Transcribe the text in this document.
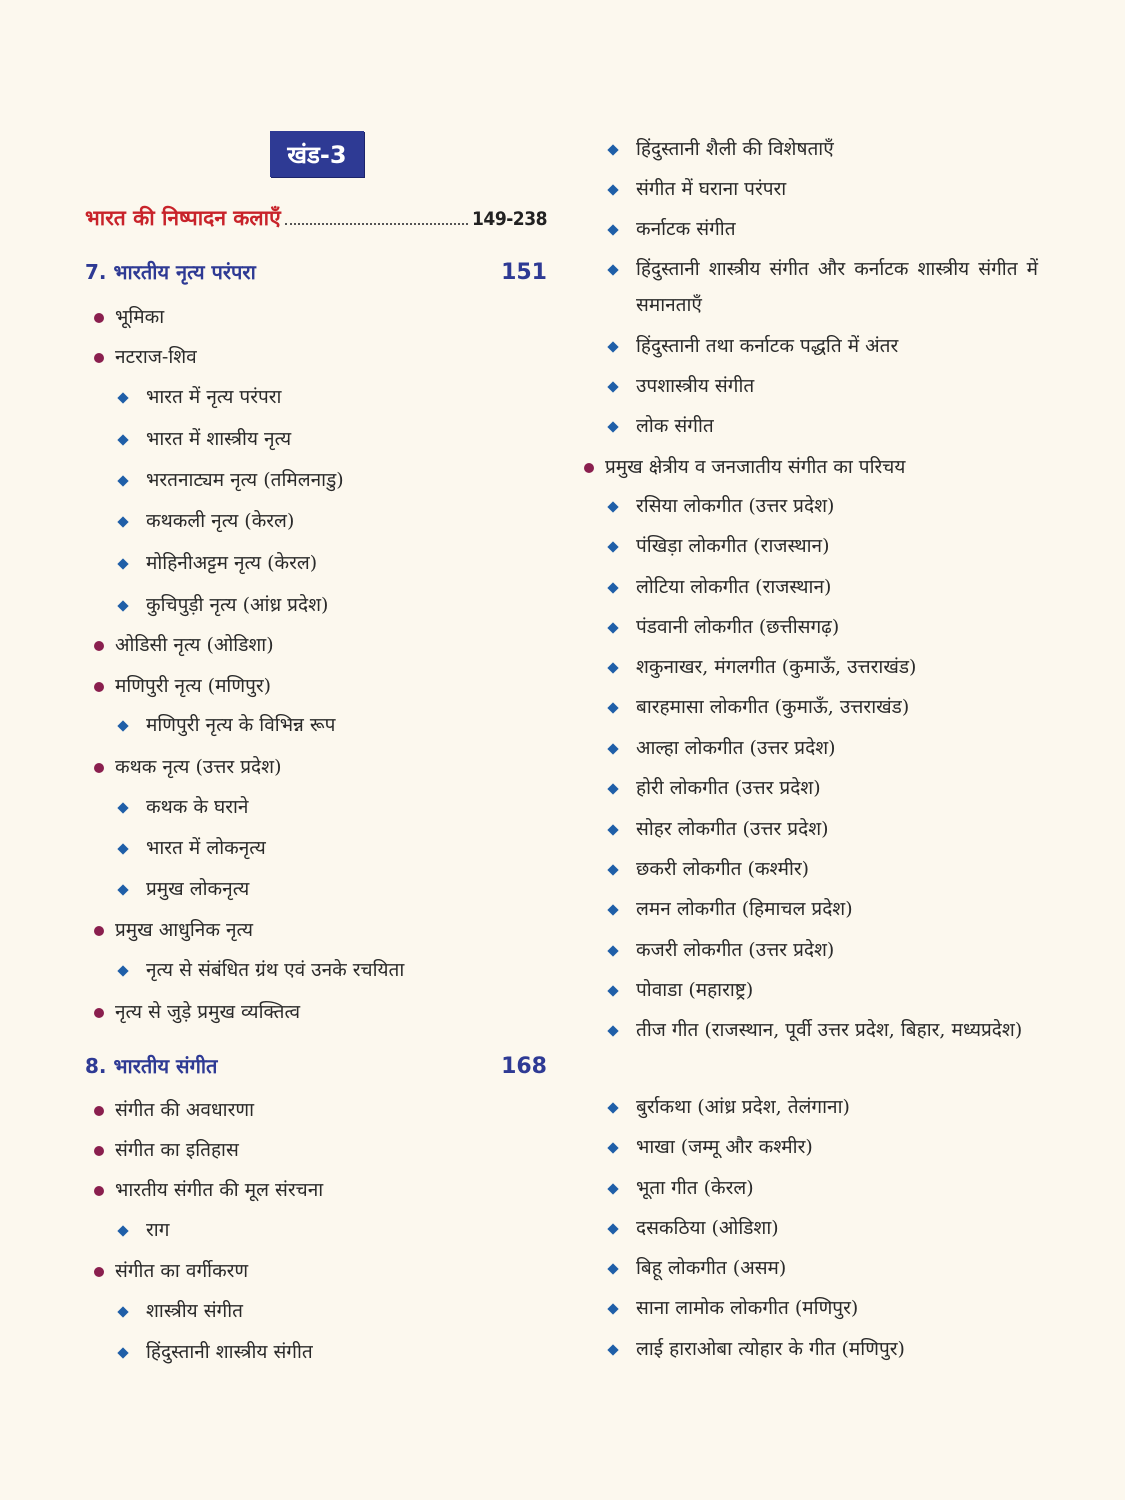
खंड-3
भारत की निष्पादन कलाएँ	149-238
7. भारतीय नृत्य परंपरा	151
भूमिका
नटराज-शिव
भारत में नृत्य परंपरा
भारत में शास्त्रीय नृत्य
भरतनाट्यम नृत्य (तमिलनाडु)
कथकली नृत्य (केरल)
मोहिनीअट्टम नृत्य (केरल)
कुचिपुड़ी नृत्य (आंध्र प्रदेश)
ओडिसी नृत्य (ओडिशा)
मणिपुरी नृत्य (मणिपुर)
मणिपुरी नृत्य के विभिन्न रूप
कथक नृत्य (उत्तर प्रदेश)
कथक के घराने
भारत में लोकनृत्य
प्रमुख लोकनृत्य
प्रमुख आधुनिक नृत्य
नृत्य से संबंधित ग्रंथ एवं उनके रचयिता
नृत्य से जुड़े प्रमुख व्यक्तित्व
8. भारतीय संगीत	168
संगीत की अवधारणा
संगीत का इतिहास
भारतीय संगीत की मूल संरचना
राग
संगीत का वर्गीकरण
शास्त्रीय संगीत
हिंदुस्तानी शास्त्रीय संगीत
हिंदुस्तानी शैली की विशेषताएँ
संगीत में घराना परंपरा
कर्नाटक संगीत
हिंदुस्तानी शास्त्रीय संगीत और कर्नाटक शास्त्रीय संगीत में समानताएँ
हिंदुस्तानी तथा कर्नाटक पद्धति में अंतर
उपशास्त्रीय संगीत
लोक संगीत
प्रमुख क्षेत्रीय व जनजातीय संगीत का परिचय
रसिया लोकगीत (उत्तर प्रदेश)
पंखिड़ा लोकगीत (राजस्थान)
लोटिया लोकगीत (राजस्थान)
पंडवानी लोकगीत (छत्तीसगढ़)
शकुनाखर, मंगलगीत (कुमाऊँ, उत्तराखंड)
बारहमासा लोकगीत (कुमाऊँ, उत्तराखंड)
आल्हा लोकगीत (उत्तर प्रदेश)
होरी लोकगीत (उत्तर प्रदेश)
सोहर लोकगीत (उत्तर प्रदेश)
छकरी लोकगीत (कश्मीर)
लमन लोकगीत (हिमाचल प्रदेश)
कजरी लोकगीत (उत्तर प्रदेश)
पोवाडा (महाराष्ट्र)
तीज गीत (राजस्थान, पूर्वी उत्तर प्रदेश, बिहार, मध्यप्रदेश)
बुर्राकथा (आंध्र प्रदेश, तेलंगाना)
भाखा (जम्मू और कश्मीर)
भूता गीत (केरल)
दसकठिया (ओडिशा)
बिहू लोकगीत (असम)
साना लामोक लोकगीत (मणिपुर)
लाई हाराओबा त्योहार के गीत (मणिपुर)
